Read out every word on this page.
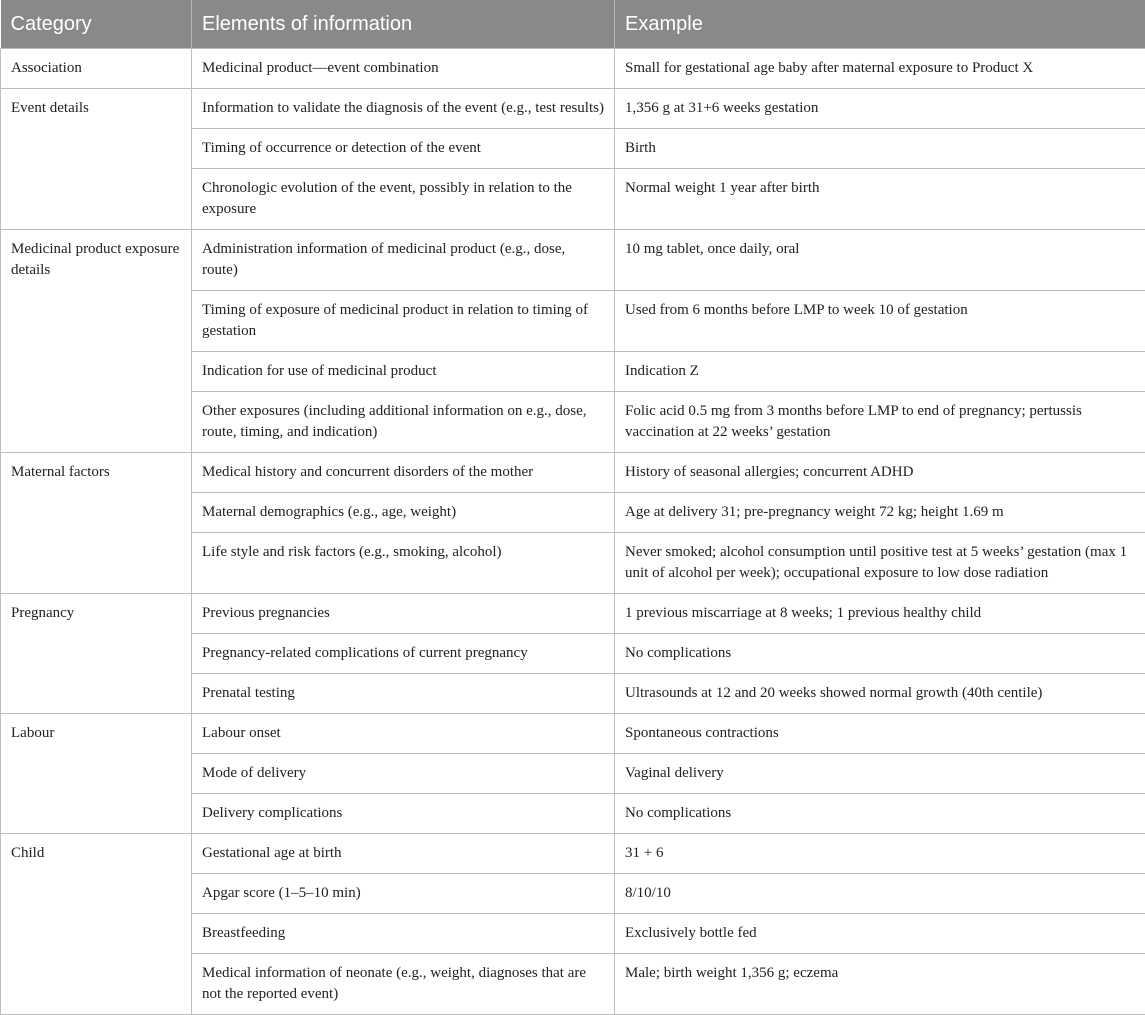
Category	Elements of information	Example
Association	Medicinal product—event combination	Small for gestational age baby after maternal exposure to Product X
Event details	Information to validate the diagnosis of the event (e.g., test results)	1,356 g at 31+6 weeks gestation
	Timing of occurrence or detection of the event	Birth
	Chronologic evolution of the event, possibly in relation to the exposure	Normal weight 1 year after birth
Medicinal product exposure details	Administration information of medicinal product (e.g., dose, route)	10 mg tablet, once daily, oral
	Timing of exposure of medicinal product in relation to timing of gestation	Used from 6 months before LMP to week 10 of gestation
	Indication for use of medicinal product	Indication Z
	Other exposures (including additional information on e.g., dose, route, timing, and indication)	Folic acid 0.5 mg from 3 months before LMP to end of pregnancy; pertussis vaccination at 22 weeks’ gestation
Maternal factors	Medical history and concurrent disorders of the mother	History of seasonal allergies; concurrent ADHD
	Maternal demographics (e.g., age, weight)	Age at delivery 31; pre-pregnancy weight 72 kg; height 1.69 m
	Life style and risk factors (e.g., smoking, alcohol)	Never smoked; alcohol consumption until positive test at 5 weeks’ gestation (max 1 unit of alcohol per week); occupational exposure to low dose radiation
Pregnancy	Previous pregnancies	1 previous miscarriage at 8 weeks; 1 previous healthy child
	Pregnancy-related complications of current pregnancy	No complications
	Prenatal testing	Ultrasounds at 12 and 20 weeks showed normal growth (40th centile)
Labour	Labour onset	Spontaneous contractions
	Mode of delivery	Vaginal delivery
	Delivery complications	No complications
Child	Gestational age at birth	31 + 6
	Apgar score (1–5–10 min)	8/10/10
	Breastfeeding	Exclusively bottle fed
	Medical information of neonate (e.g., weight, diagnoses that are not the reported event)	Male; birth weight 1,356 g; eczema
